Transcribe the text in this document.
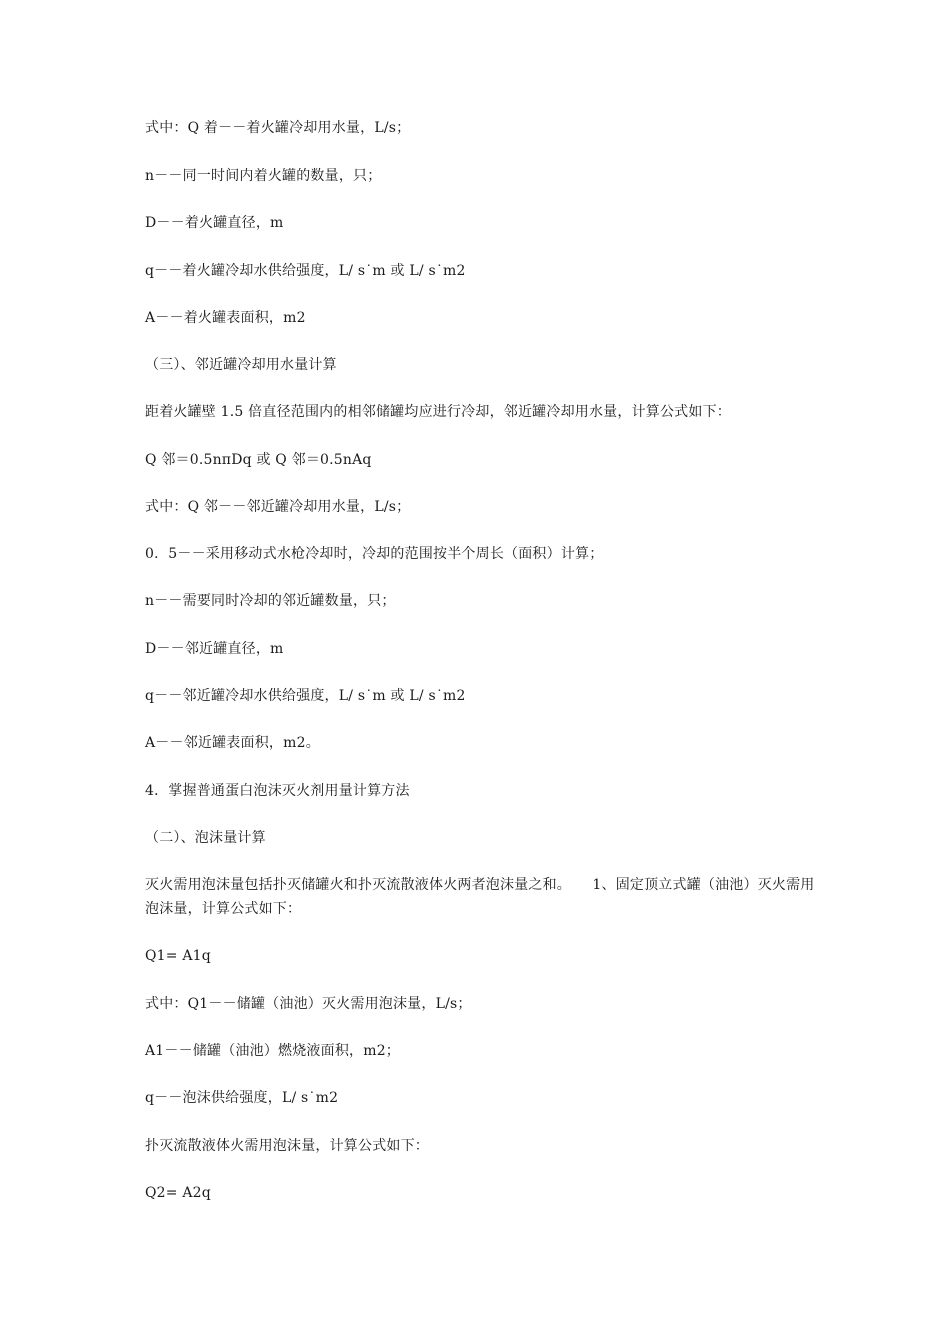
式中：Q 着－－着火罐冷却用水量，L/s；

n－－同一时间内着火罐的数量，只；

D－－着火罐直径，m

q－－着火罐冷却水供给强度，L/ s˙m 或 L/ s˙m2

A－－着火罐表面积，m2

（三）、邻近罐冷却用水量计算

距着火罐壁 1.5 倍直径范围内的相邻储罐均应进行冷却，邻近罐冷却用水量，计算公式如下：

Q 邻＝0.5nπDq 或 Q 邻＝0.5nAq

式中：Q 邻－－邻近罐冷却用水量，L/s；

0．5－－采用移动式水枪冷却时，冷却的范围按半个周长（面积）计算；

n－－需要同时冷却的邻近罐数量，只；

D－－邻近罐直径，m

q－－邻近罐冷却水供给强度，L/ s˙m 或 L/ s˙m2

A－－邻近罐表面积，m2。

4．掌握普通蛋白泡沫灭火剂用量计算方法

（二）、泡沫量计算

灭火需用泡沫量包括扑灭储罐火和扑灭流散液体火两者泡沫量之和。　　1、固定顶立式罐（油池）灭火需用泡沫量，计算公式如下：

Q1= A1q

式中：Q1－－储罐（油池）灭火需用泡沫量，L/s；

A1－－储罐（油池）燃烧液面积，m2；

q－－泡沫供给强度，L/ s˙m2

扑灭流散液体火需用泡沫量，计算公式如下：

Q2= A2q
